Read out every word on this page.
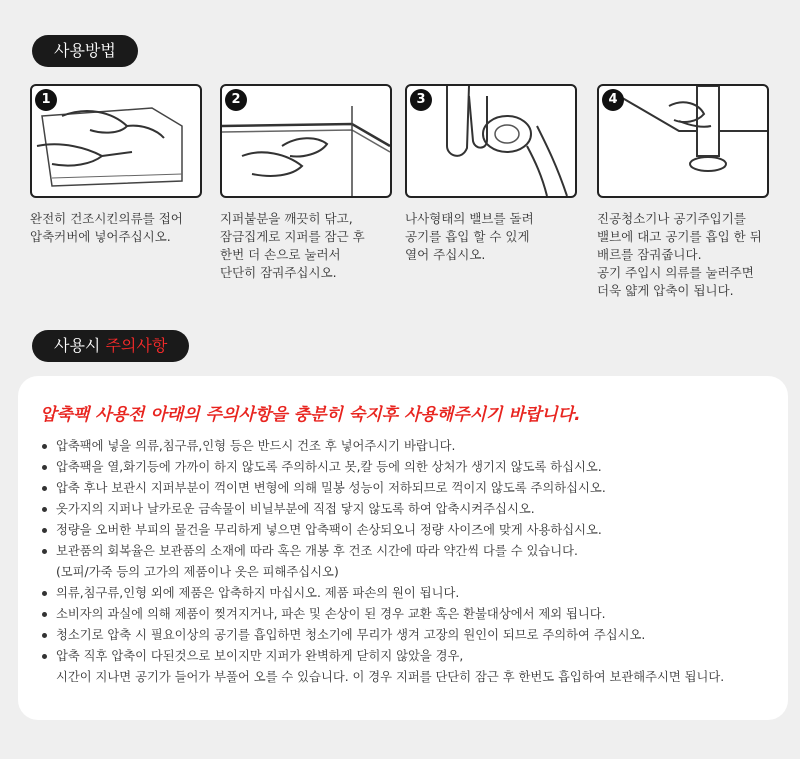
사용방법
1
완전히 건조시킨의류를 접어
압축커버에 넣어주십시오.
2
지퍼붙분을 깨끗히 닦고,
잠금집게로 지퍼를 잠근 후
한번 더 손으로 눌러서
단단히 잠궈주십시오.
3
나사형태의 밸브를 돌려
공기를 흡입 할 수 있게
열어 주십시오.
4
진공청소기나 공기주입기를
밸브에 대고 공기를 흡입 한 뒤
배르를 잠궈줍니다.
공기 주입시 의류를 눌러주면
더욱 얇게 압축이 됩니다.
사용시 주의사항
압축팩 사용전 아래의 주의사항을 충분히 숙지후 사용해주시기 바랍니다.
압축팩에 넣을 의류,침구류,인형 등은 반드시 건조 후 넣어주시기 바랍니다.
압축팩을 열,화기등에 가까이 하지 않도록 주의하시고 못,칼 등에 의한 상처가 생기지 않도록 하십시오.
압축 후나 보관시 지퍼부분이 꺽이면 변형에 의해 밀봉 성능이 저하되므로 꺽이지 않도록 주의하십시오.
옷가지의 지퍼나 날카로운 금속물이 비닐부분에 직접 닿지 않도록 하여 압축시켜주십시오.
정량을 오버한 부피의 물건을 무리하게 넣으면 압축팩이 손상되오니 정량 사이즈에 맞게 사용하십시오.
보관품의 회복율은 보관품의 소재에 따라 혹은 개봉 후 건조 시간에 따라 약간씩 다를 수 있습니다.
(모피/가죽 등의 고가의 제품이나 옷은 피해주십시오)
의류,침구류,인형 외에 제품은 압축하지 마십시오. 제품 파손의 원이 됩니다.
소비자의 과실에 의해 제품이 찢겨지거나, 파손 및 손상이 된 경우 교환 혹은 환불대상에서 제외 됩니다.
청소기로 압축 시 필요이상의 공기를 흡입하면 청소기에 무리가 생겨 고장의 원인이 되므로 주의하여 주십시오.
압축 직후 압축이 다된것으로 보이지만 지퍼가 완벽하게 닫히지 않았을 경우,
시간이 지나면 공기가 들어가 부풀어 오를 수 있습니다. 이 경우 지퍼를 단단히 잠근 후 한번도 흡입하여 보관해주시면 됩니다.
